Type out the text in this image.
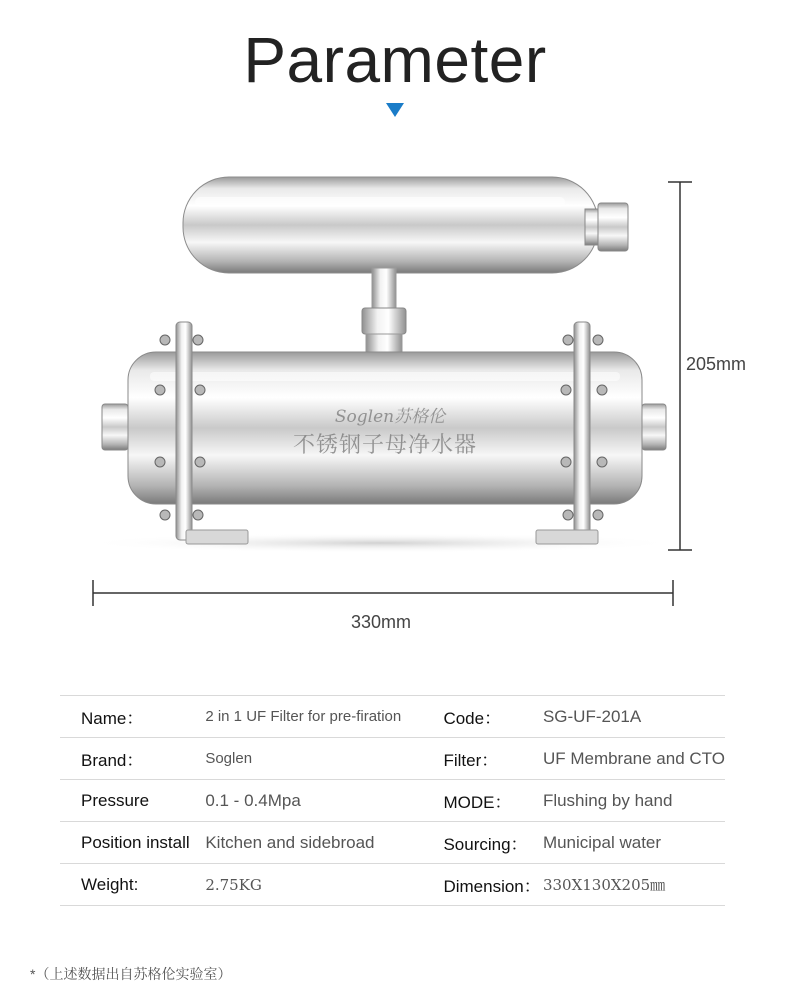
Parameter
Soglen苏格伦
不锈钢子母净水器
205mm
330mm
Name：	2 in 1 UF Filter for pre-firation	Code：	SG-UF-201A
Brand：	Soglen	Filter：	UF Membrane and CTO
Pressure	0.1 - 0.4Mpa	MODE：	Flushing by hand
Position install	Kitchen and sidebroad	Sourcing：	Municipal water
Weight:	2.75KG	Dimension：	330X130X205㎜
*（上述数据出自苏格伦实验室）
